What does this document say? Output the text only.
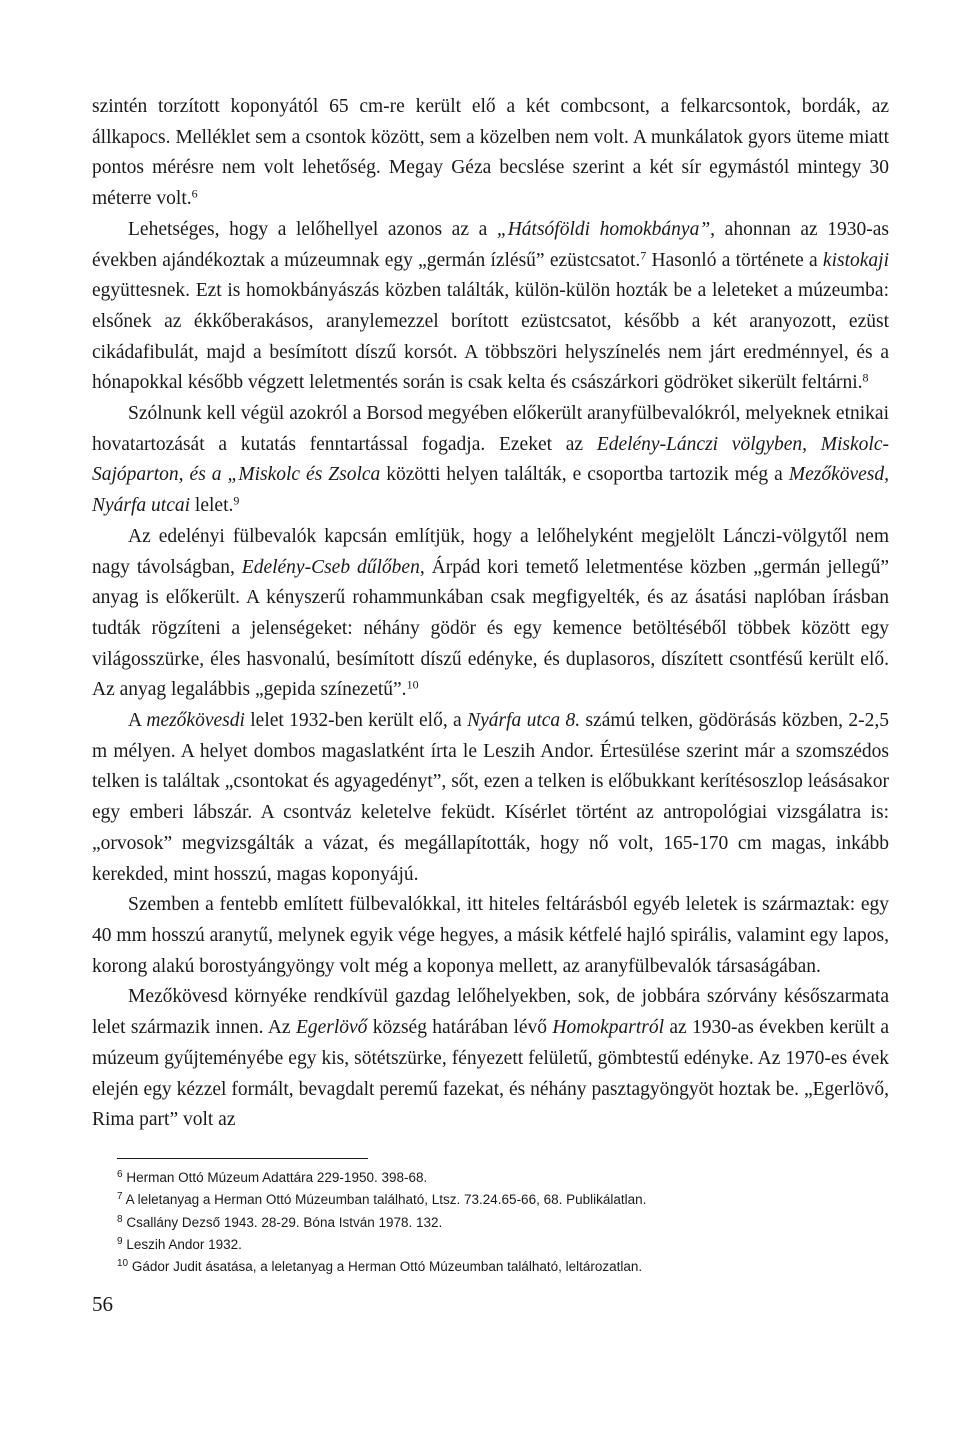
szintén torzított koponyától 65 cm-re került elő a két combcsont, a felkarcsontok, bordák, az állkapocs. Melléklet sem a csontok között, sem a közelben nem volt. A munkálatok gyors üteme miatt pontos mérésre nem volt lehetőség. Megay Géza becslése szerint a két sír egymástól mintegy 30 méterre volt.$^6$

Lehetséges, hogy a lelőhellyel azonos az a „Hátsóföldi homokbánya”, ahonnan az 1930-as években ajándékoztak a múzeumnak egy „germán ízlésű” ezüstcsatot.$^7$ Hasonló a története a kistokaji együttesnek. Ezt is homokbányászás közben találták, külön-külön hozták be a leleteket a múzeumba: elsőnek az ékkőberakásos, aranylemezzel borított ezüstcsatot, később a két aranyozott, ezüst cikádafibulát, majd a besímított díszű korsót. A többszöri helyszínelés nem járt eredménnyel, és a hónapokkal később végzett leletmentés során is csak kelta és császárkori gödröket sikerült feltárni.$^8$

Szólnunk kell végül azokról a Borsod megyében előkerült aranyfülbevalókról, melyeknek etnikai hovatartozását a kutatás fenntartással fogadja. Ezeket az Edelény-Lánczi völgyben, Miskolc-Sajóparton, és a „Miskolc és Zsolca közötti helyen találták, e csoportba tartozik még a Mezőkövesd, Nyárfa utcai lelet.$^9$

Az edelényi fülbevalók kapcsán említjük, hogy a lelőhelyként megjelölt Lánczi-völgytől nem nagy távolságban, Edelény-Cseb dűlőben, Árpád kori temető leletmentése közben „germán jellegű” anyag is előkerült. A kényszerű rohammunkában csak megfigyelték, és az ásatási naplóban írásban tudták rögzíteni a jelenségeket: néhány gödör és egy kemence betöltéséből többek között egy világosszürke, éles hasvonalú, besímított díszű edényke, és duplasoros, díszített csontfésű került elő. Az anyag legalábbis „gepida színezetű”.$^{10}$

A mezőkövesdi lelet 1932-ben került elő, a Nyárfa utca 8. számú telken, gödörásás közben, 2-2,5 m mélyen. A helyet dombos magaslatként írta le Leszih Andor. Értesülése szerint már a szomszédos telken is találtak „csontokat és agyagedényt”, sőt, ezen a telken is előbukkant kerítésoszlop leásásakor egy emberi lábszár. A csontváz keletelve feküdt. Kísérlet történt az antropológiai vizsgálatra is: „orvosok” megvizsgálták a vázat, és megállapították, hogy nő volt, 165-170 cm magas, inkább kerekded, mint hosszú, magas koponyájú.

Szemben a fentebb említett fülbevalókkal, itt hiteles feltárásból egyéb leletek is származtak: egy 40 mm hosszú aranytű, melynek egyik vége hegyes, a másik kétfelé hajló spirális, valamint egy lapos, korong alakú borostyángyöngy volt még a koponya mellett, az aranyfülbevalók társaságában.

Mezőkövesd környéke rendkívül gazdag lelőhelyekben, sok, de jobbára szórvány későszarmata lelet származik innen. Az Egerlövő község határában lévő Homokpartról az 1930-as években került a múzeum gyűjteményébe egy kis, sötétszürke, fényezett felületű, gömbtestű edényke. Az 1970-es évek elején egy kézzel formált, bevagdalt peremű fazekat, és néhány pasztagyöngyöt hoztak be. „Egerlövő, Rima part” volt az

$^6$ Herman Ottó Múzeum Adattára 229-1950. 398-68.

$^7$ A leletanyag a Herman Ottó Múzeumban található, Ltsz. 73.24.65-66, 68. Publikálatlan.

$^8$ Csallány Dezső 1943. 28-29. Bóna István 1978. 132.

$^9$ Leszih Andor 1932.

$^{10}$ Gádor Judit ásatása, a leletanyag a Herman Ottó Múzeumban található, leltározatlan.

56
